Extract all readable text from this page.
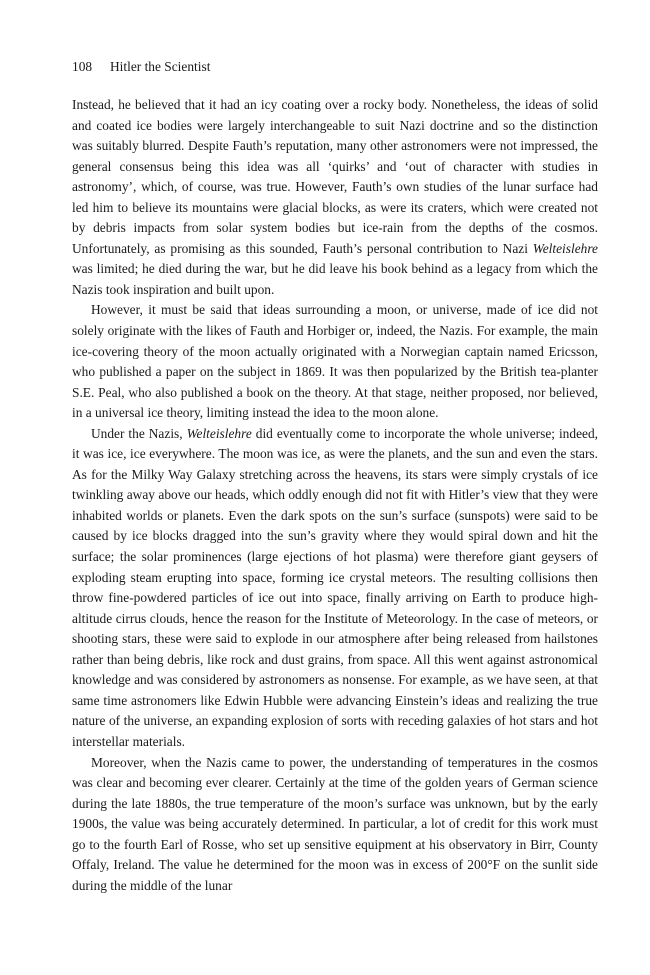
108 Hitler the Scientist

Instead, he believed that it had an icy coating over a rocky body. Nonetheless, the ideas of solid and coated ice bodies were largely interchangeable to suit Nazi doctrine and so the distinction was suitably blurred. Despite Fauth’s reputation, many other astronomers were not impressed, the general consensus being this idea was all ‘quirks’ and ‘out of character with studies in astronomy’, which, of course, was true. However, Fauth’s own studies of the lunar surface had led him to believe its mountains were glacial blocks, as were its craters, which were created not by debris impacts from solar system bodies but ice-rain from the depths of the cosmos. Unfortunately, as promising as this sounded, Fauth’s personal contribution to Nazi Welteislehre was limited; he died during the war, but he did leave his book behind as a legacy from which the Nazis took inspiration and built upon.

However, it must be said that ideas surrounding a moon, or universe, made of ice did not solely originate with the likes of Fauth and Horbiger or, indeed, the Nazis. For example, the main ice-covering theory of the moon actually originated with a Norwegian captain named Ericsson, who published a paper on the subject in 1869. It was then popularized by the British tea-planter S.E. Peal, who also published a book on the theory. At that stage, neither proposed, nor believed, in a universal ice theory, limiting instead the idea to the moon alone.

Under the Nazis, Welteislehre did eventually come to incorporate the whole universe; indeed, it was ice, ice everywhere. The moon was ice, as were the planets, and the sun and even the stars. As for the Milky Way Galaxy stretching across the heavens, its stars were simply crystals of ice twinkling away above our heads, which oddly enough did not fit with Hitler’s view that they were inhabited worlds or planets. Even the dark spots on the sun’s surface (sunspots) were said to be caused by ice blocks dragged into the sun’s gravity where they would spiral down and hit the surface; the solar prominences (large ejections of hot plasma) were therefore giant geysers of exploding steam erupting into space, forming ice crystal meteors. The resulting collisions then throw fine-powdered particles of ice out into space, finally arriving on Earth to produce high-altitude cirrus clouds, hence the reason for the Institute of Meteorology. In the case of meteors, or shooting stars, these were said to explode in our atmosphere after being released from hailstones rather than being debris, like rock and dust grains, from space. All this went against astronomical knowledge and was considered by astronomers as nonsense. For example, as we have seen, at that same time astronomers like Edwin Hubble were advancing Einstein’s ideas and realizing the true nature of the universe, an expanding explosion of sorts with receding galaxies of hot stars and hot interstellar materials.

Moreover, when the Nazis came to power, the understanding of temperatures in the cosmos was clear and becoming ever clearer. Certainly at the time of the golden years of German science during the late 1880s, the true temperature of the moon’s surface was unknown, but by the early 1900s, the value was being accurately determined. In particular, a lot of credit for this work must go to the fourth Earl of Rosse, who set up sensitive equipment at his observatory in Birr, County Offaly, Ireland. The value he determined for the moon was in excess of 200°F on the sunlit side during the middle of the lunar
